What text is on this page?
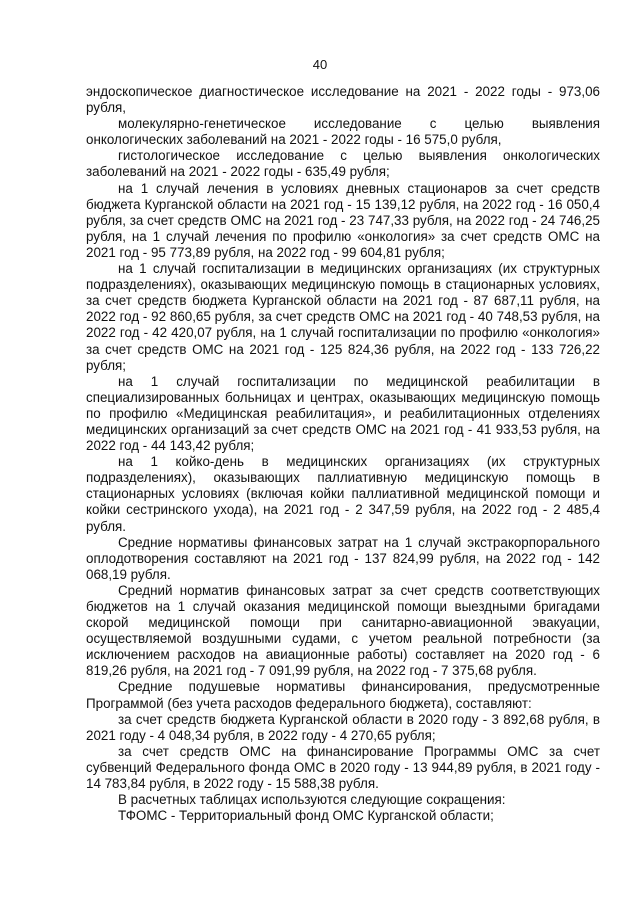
40

эндоскопическое диагностическое исследование на 2021 - 2022 годы - 973,06 рубля,

молекулярно-генетическое исследование с целью выявления онкологических заболеваний на 2021 - 2022 годы - 16 575,0 рубля,

гистологическое исследование с целью выявления онкологических заболеваний на 2021 - 2022 годы - 635,49 рубля;

на 1 случай лечения в условиях дневных стационаров за счет средств бюджета Курганской области на 2021 год - 15 139,12 рубля, на 2022 год - 16 050,4 рубля, за счет средств ОМС на 2021 год - 23 747,33 рубля, на 2022 год - 24 746,25 рубля, на 1 случай лечения по профилю «онкология» за счет средств ОМС на 2021 год - 95 773,89 рубля, на 2022 год - 99 604,81 рубля;

на 1 случай госпитализации в медицинских организациях (их структурных подразделениях), оказывающих медицинскую помощь в стационарных условиях, за счет средств бюджета Курганской области на 2021 год - 87 687,11 рубля, на 2022 год - 92 860,65 рубля, за счет средств ОМС на 2021 год - 40 748,53 рубля, на 2022 год - 42 420,07 рубля, на 1 случай госпитализации по профилю «онкология» за счет средств ОМС на 2021 год - 125 824,36 рубля, на 2022 год - 133 726,22 рубля;

на 1 случай госпитализации по медицинской реабилитации в специализированных больницах и центрах, оказывающих медицинскую помощь по профилю «Медицинская реабилитация», и реабилитационных отделениях медицинских организаций за счет средств ОМС на 2021 год - 41 933,53 рубля, на 2022 год - 44 143,42 рубля;

на 1 койко-день в медицинских организациях (их структурных подразделениях), оказывающих паллиативную медицинскую помощь в стационарных условиях (включая койки паллиативной медицинской помощи и койки сестринского ухода), на 2021 год - 2 347,59 рубля, на 2022 год - 2 485,4 рубля.

Средние нормативы финансовых затрат на 1 случай экстракорпорального оплодотворения составляют на 2021 год - 137 824,99 рубля, на 2022 год - 142 068,19 рубля.

Средний норматив финансовых затрат за счет средств соответствующих бюджетов на 1 случай оказания медицинской помощи выездными бригадами скорой медицинской помощи при санитарно-авиационной эвакуации, осуществляемой воздушными судами, с учетом реальной потребности (за исключением расходов на авиационные работы) составляет на 2020 год - 6 819,26 рубля, на 2021 год - 7 091,99 рубля, на 2022 год - 7 375,68 рубля.

Средние подушевые нормативы финансирования, предусмотренные Программой (без учета расходов федерального бюджета), составляют:

за счет средств бюджета Курганской области в 2020 году - 3 892,68 рубля, в 2021 году - 4 048,34 рубля, в 2022 году - 4 270,65 рубля;

за счет средств ОМС на финансирование Программы ОМС за счет субвенций Федерального фонда ОМС в 2020 году - 13 944,89 рубля, в 2021 году - 14 783,84 рубля, в 2022 году - 15 588,38 рубля.

В расчетных таблицах используются следующие сокращения:

ТФОМС - Территориальный фонд ОМС Курганской области;
